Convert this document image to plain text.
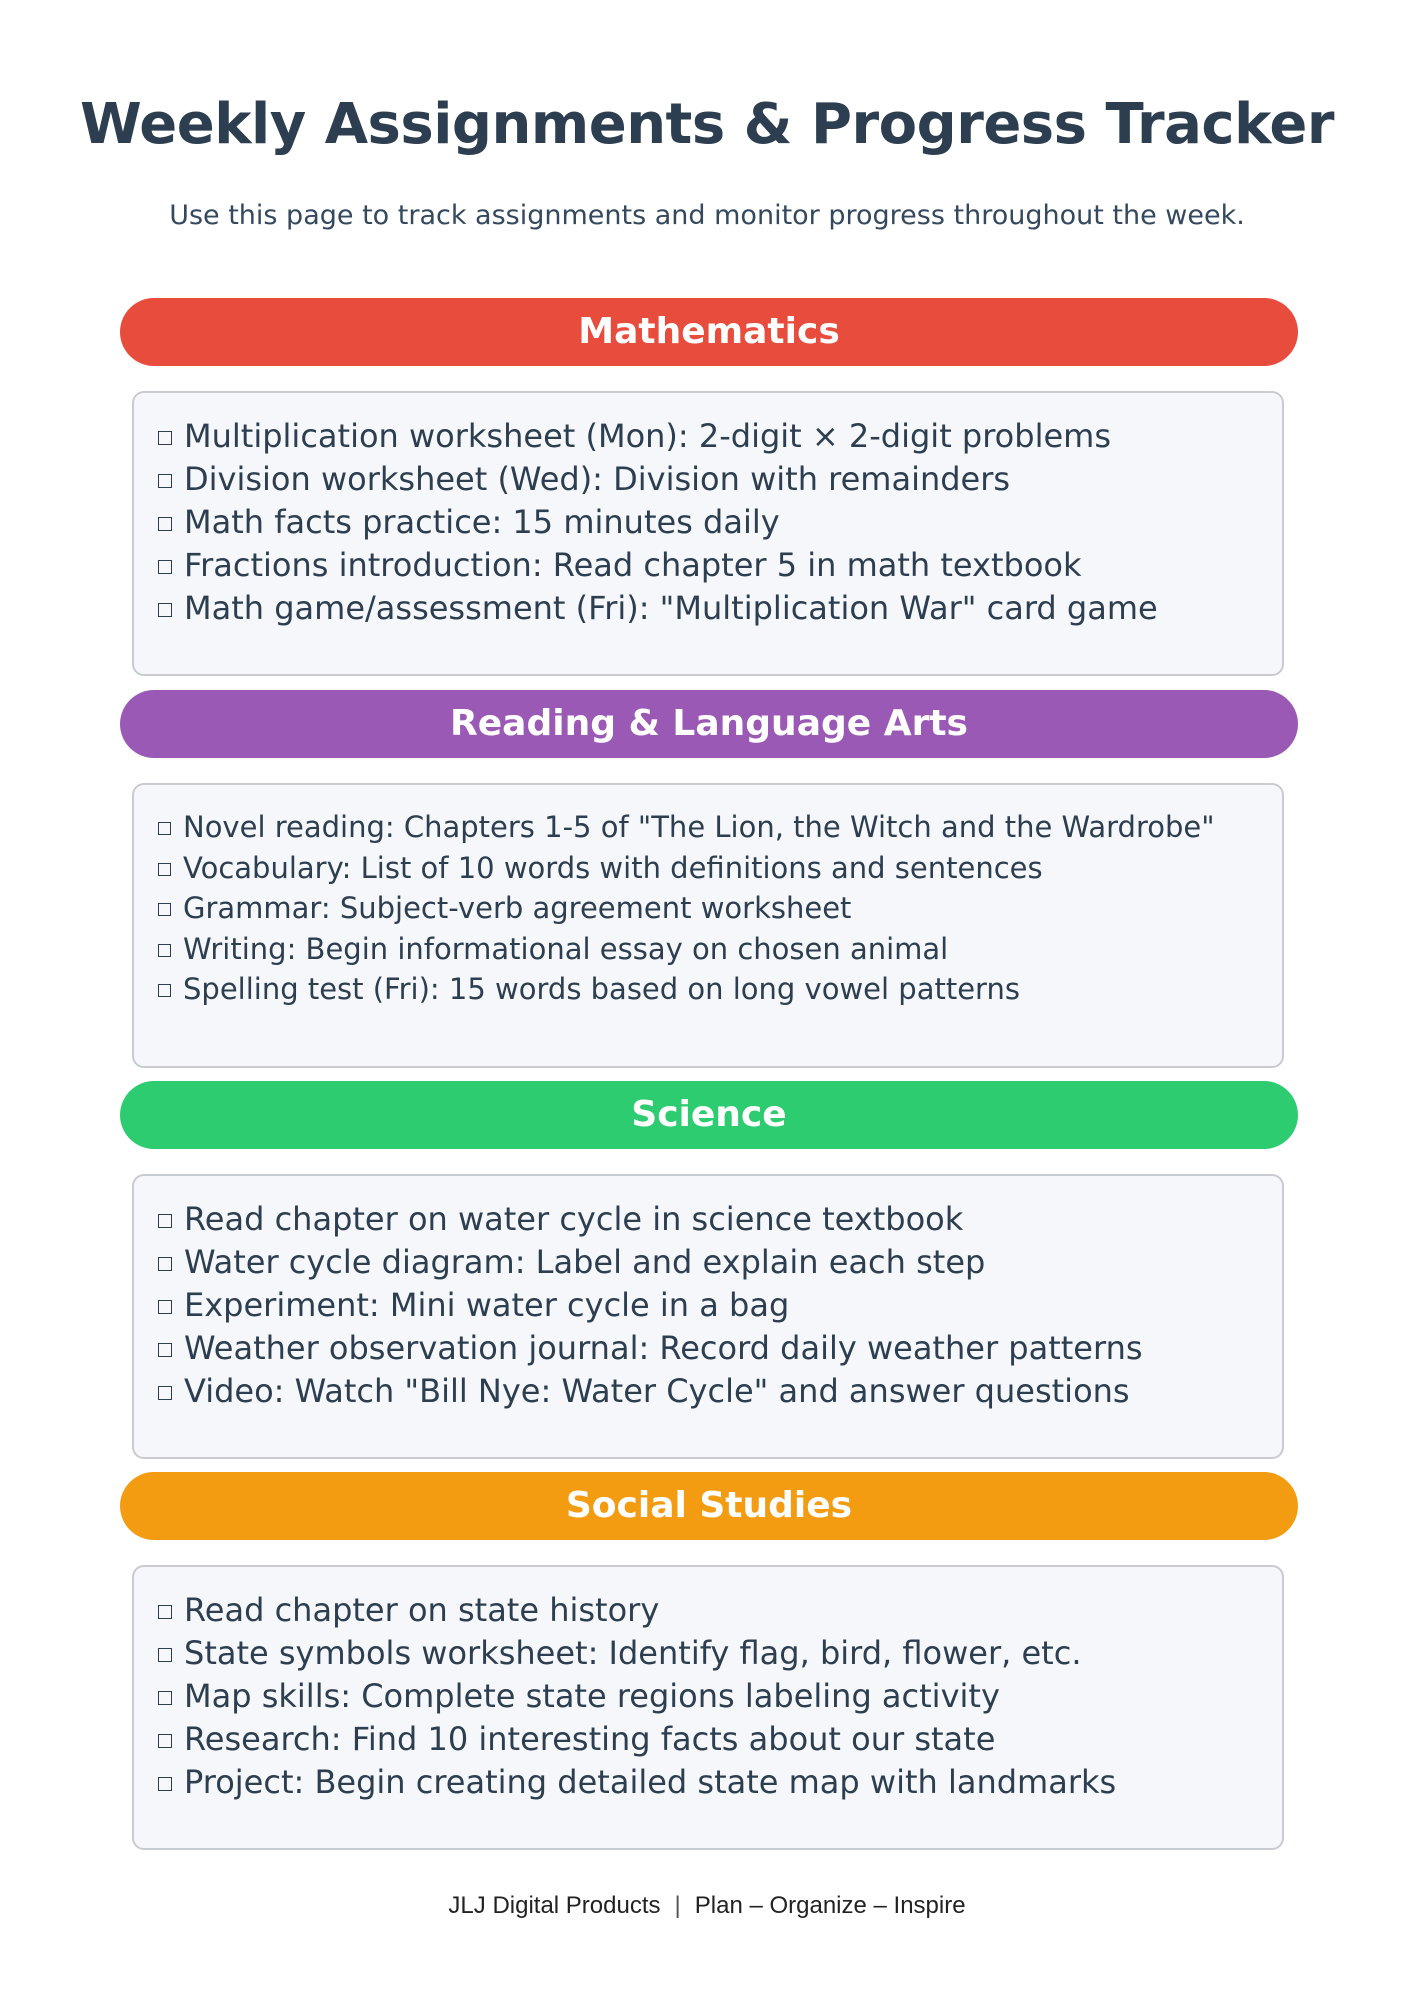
Weekly Assignments & Progress Tracker
Use this page to track assignments and monitor progress throughout the week.
Mathematics
Multiplication worksheet (Mon): 2-digit × 2-digit problems
Division worksheet (Wed): Division with remainders
Math facts practice: 15 minutes daily
Fractions introduction: Read chapter 5 in math textbook
Math game/assessment (Fri): "Multiplication War" card game
Reading & Language Arts
Novel reading: Chapters 1-5 of "The Lion, the Witch and the Wardrobe"
Vocabulary: List of 10 words with definitions and sentences
Grammar: Subject-verb agreement worksheet
Writing: Begin informational essay on chosen animal
Spelling test (Fri): 15 words based on long vowel patterns
Science
Read chapter on water cycle in science textbook
Water cycle diagram: Label and explain each step
Experiment: Mini water cycle in a bag
Weather observation journal: Record daily weather patterns
Video: Watch "Bill Nye: Water Cycle" and answer questions
Social Studies
Read chapter on state history
State symbols worksheet: Identify flag, bird, flower, etc.
Map skills: Complete state regions labeling activity
Research: Find 10 interesting facts about our state
Project: Begin creating detailed state map with landmarks
JLJ Digital Products | Plan – Organize – Inspire
